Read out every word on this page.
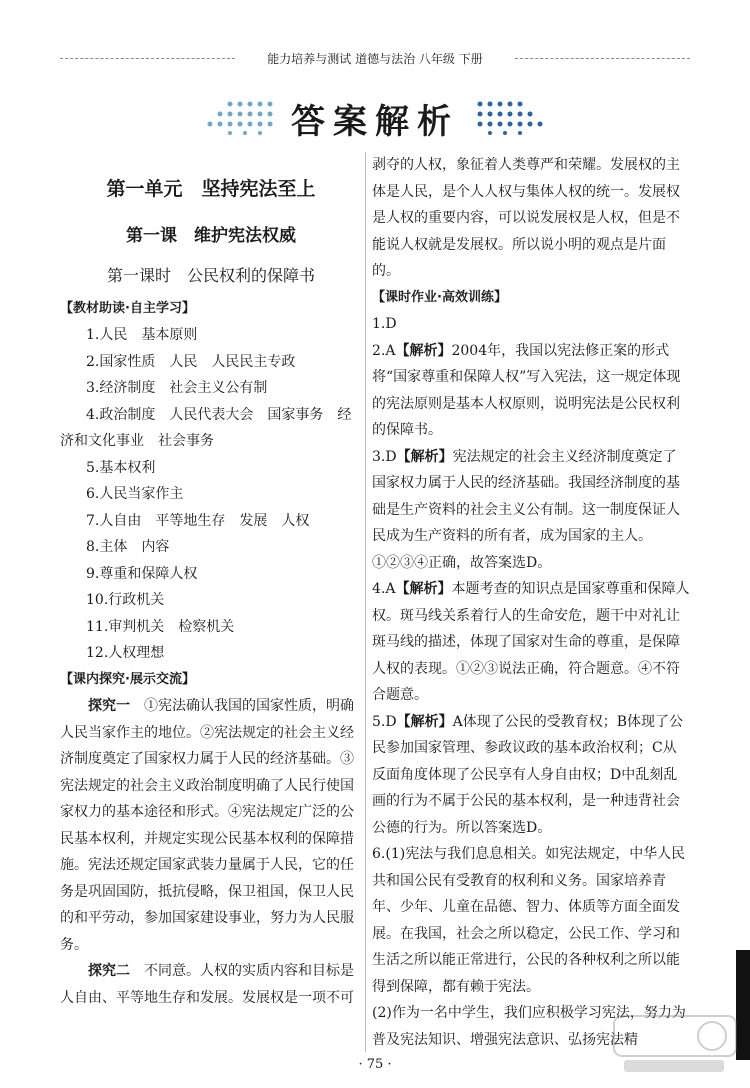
能力培养与测试 道德与法治 八年级 下册
答案解析
第一单元　坚持宪法至上
第一课　维护宪法权威
第一课时　公民权利的保障书
【教材助读·自主学习】
1.人民　基本原则
2.国家性质　人民　人民民主专政
3.经济制度　社会主义公有制
4.政治制度　人民代表大会　国家事务　经
济和文化事业　社会事务
5.基本权利
6.人民当家作主
7.人自由　平等地生存　发展　人权
8.主体　内容
9.尊重和保障人权
10.行政机关
11.审判机关　检察机关
12.人权理想
【课内探究·展示交流】
探究一　 ①宪法确认我国的国家性质，明确人民当家作主的地位。②宪法规定的社会主义经济制度奠定了国家权力属于人民的经济基础。③宪法规定的社会主义政治制度明确了人民行使国家权力的基本途径和形式。④宪法规定广泛的公民基本权利，并规定实现公民基本权利的保障措施。宪法还规定国家武装力量属于人民，它的任务是巩固国防，抵抗侵略，保卫祖国，保卫人民的和平劳动，参加国家建设事业，努力为人民服务。
探究二　 不同意。人权的实质内容和目标是人自由、平等地生存和发展。发展权是一项不可
剥夺的人权，象征着人类尊严和荣耀。发展权的主体是人民，是个人人权与集体人权的统一。发展权是人权的重要内容，可以说发展权是人权，但是不能说人权就是发展权。所以说小明的观点是片面的。
【课时作业·高效训练】
1.D
2.A【解析】2004年，我国以宪法修正案的形式将“国家尊重和保障人权”写入宪法，这一规定体现的宪法原则是基本人权原则，说明宪法是公民权利的保障书。
3.D【解析】宪法规定的社会主义经济制度奠定了国家权力属于人民的经济基础。我国经济制度的基础是生产资料的社会主义公有制。这一制度保证人民成为生产资料的所有者，成为国家的主人。①②③④正确，故答案选D。
4.A【解析】本题考查的知识点是国家尊重和保障人权。斑马线关系着行人的生命安危，题干中对礼让斑马线的描述，体现了国家对生命的尊重，是保障人权的表现。①②③说法正确，符合题意。④不符合题意。
5.D【解析】A体现了公民的受教育权；B体现了公民参加国家管理、参政议政的基本政治权利；C从反面角度体现了公民享有人身自由权；D中乱刻乱画的行为不属于公民的基本权利，是一种违背社会公德的行为。所以答案选D。
6.(1)宪法与我们息息相关。如宪法规定，中华人民共和国公民有受教育的权利和义务。国家培养青年、少年、儿童在品德、智力、体质等方面全面发展。在我国，社会之所以稳定，公民工作、学习和生活之所以能正常进行，公民的各种权利之所以能得到保障，都有赖于宪法。
(2)作为一名中学生，我们应积极学习宪法，努力为普及宪法知识、增强宪法意识、弘扬宪法精
· 75 ·
